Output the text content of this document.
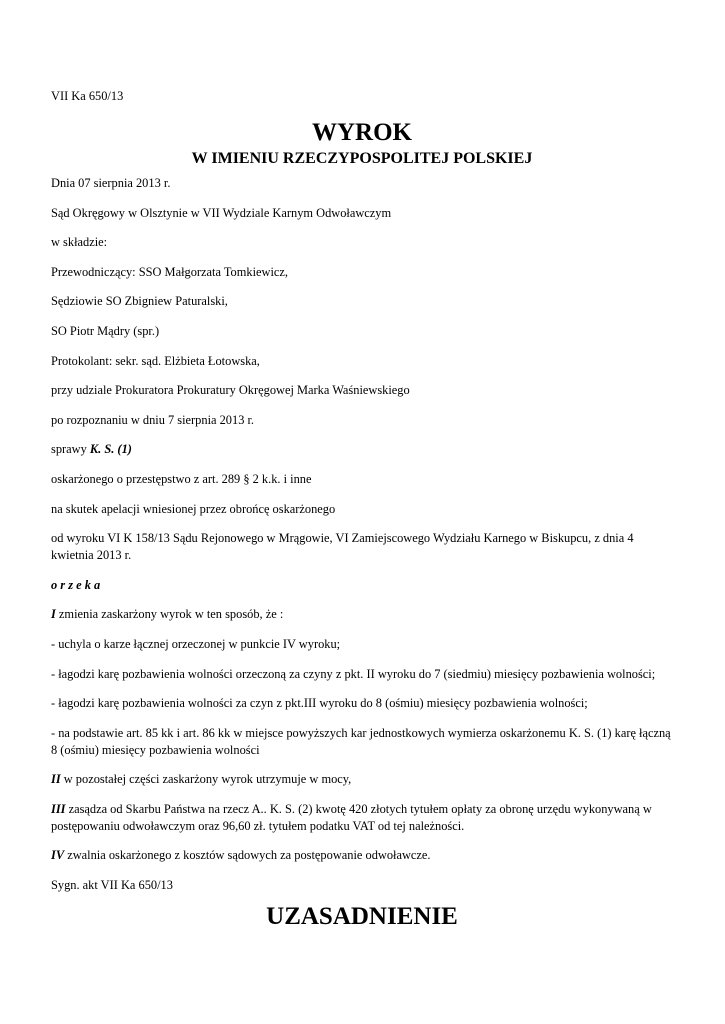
VII Ka 650/13

WYROK
W IMIENIU RZECZYPOSPOLITEJ POLSKIEJ

Dnia 07 sierpnia 2013 r.

Sąd Okręgowy w Olsztynie w VII Wydziale Karnym Odwoławczym

w składzie:

Przewodniczący: SSO Małgorzata Tomkiewicz,

Sędziowie SO Zbigniew Paturalski,

SO Piotr Mądry (spr.)

Protokolant: sekr. sąd. Elżbieta Łotowska,

przy udziale Prokuratora Prokuratury Okręgowej Marka Waśniewskiego

po rozpoznaniu w dniu 7 sierpnia 2013 r.

sprawy K. S. (1)

oskarżonego o przestępstwo z art. 289 § 2 k.k. i inne

na skutek apelacji wniesionej przez obrońcę oskarżonego

od wyroku VI K 158/13 Sądu Rejonowego w Mrągowie, VI Zamiejscowego Wydziału Karnego w Biskupcu, z dnia 4 kwietnia 2013 r.

o r z e k a

I zmienia zaskarżony wyrok w ten sposób, że :

- uchyla o karze łącznej orzeczonej w punkcie IV wyroku;

- łagodzi karę pozbawienia wolności orzeczoną za czyny z pkt. II wyroku do 7 (siedmiu) miesięcy pozbawienia wolności;

- łagodzi karę pozbawienia wolności za czyn z pkt.III wyroku do 8 (ośmiu) miesięcy pozbawienia wolności;

- na podstawie art. 85 kk i art. 86 kk w miejsce powyższych kar jednostkowych wymierza oskarżonemu K. S. (1) karę łączną 8 (ośmiu) miesięcy pozbawienia wolności

II w pozostałej części zaskarżony wyrok utrzymuje w mocy,

III zasądza od Skarbu Państwa na rzecz A.. K. S. (2) kwotę 420 złotych tytułem opłaty za obronę urzędu wykonywaną w postępowaniu odwoławczym oraz 96,60 zł. tytułem podatku VAT od tej należności.

IV zwalnia oskarżonego z kosztów sądowych za postępowanie odwoławcze.

Sygn. akt VII Ka 650/13

UZASADNIENIE
